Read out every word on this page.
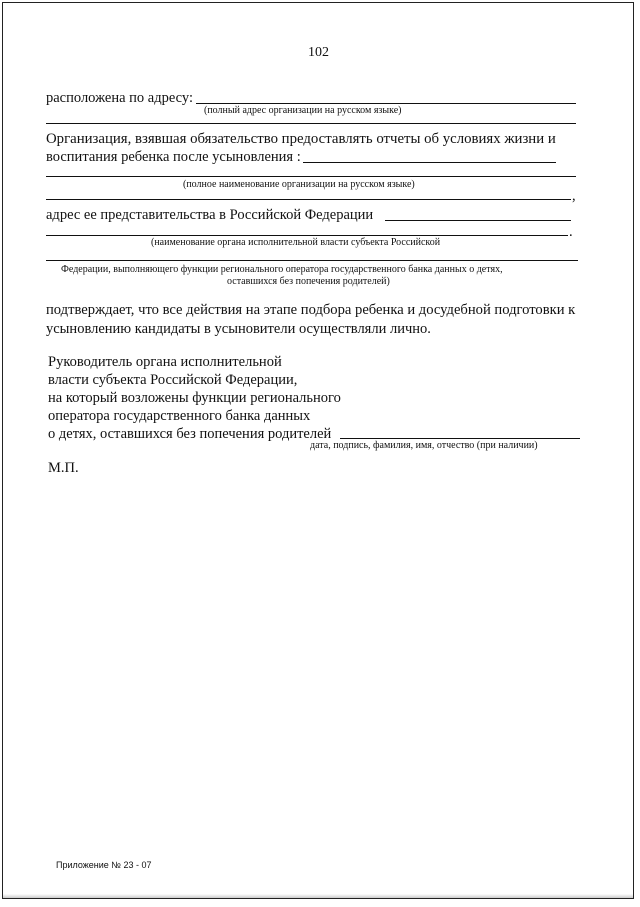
102
расположена по адресу:
(полный адрес организации на русском языке)
Организация, взявшая обязательство предоставлять отчеты об условиях жизни и
воспитания ребенка после усыновления :
(полное наименование организации на русском языке)
,
адрес ее представительства в Российской Федерации
.
(наименование органа исполнительной власти субъекта Российской
Федерации, выполняющего функции регионального оператора государственного банка данных о детях,
оставшихся без попечения родителей)
подтверждает, что все действия на этапе подбора ребенка и досудебной подготовки к
усыновлению кандидаты в усыновители осуществляли лично.
Руководитель органа исполнительной
власти субъекта Российской Федерации,
на который возложены функции регионального
оператора государственного банка данных
о детях, оставшихся без попечения родителей
дата, подпись, фамилия, имя, отчество (при наличии)
М.П.
Приложение № 23 - 07
